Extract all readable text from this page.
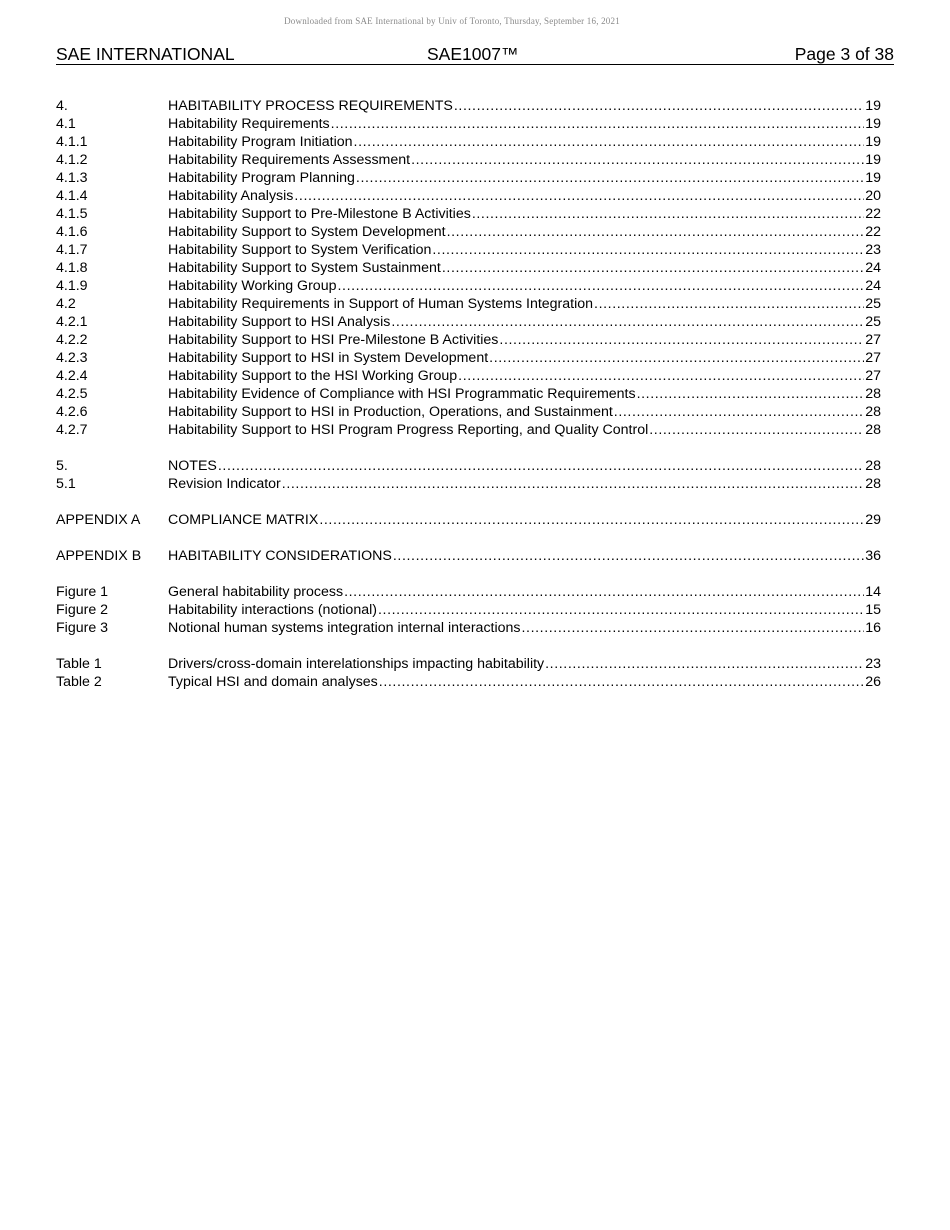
Downloaded from SAE International by Univ of Toronto, Thursday, September 16, 2021
SAE INTERNATIONAL	SAE1007™	Page 3 of 38
4.	HABITABILITY PROCESS REQUIREMENTS .....	19
4.1	Habitability Requirements .....	19
4.1.1	Habitability Program Initiation .....	19
4.1.2	Habitability Requirements Assessment .....	19
4.1.3	Habitability Program Planning .....	19
4.1.4	Habitability Analysis .....	20
4.1.5	Habitability Support to Pre-Milestone B Activities .....	22
4.1.6	Habitability Support to System Development .....	22
4.1.7	Habitability Support to System Verification .....	23
4.1.8	Habitability Support to System Sustainment .....	24
4.1.9	Habitability Working Group .....	24
4.2	Habitability Requirements in Support of Human Systems Integration .....	25
4.2.1	Habitability Support to HSI Analysis .....	25
4.2.2	Habitability Support to HSI Pre-Milestone B Activities .....	27
4.2.3	Habitability Support to HSI in System Development .....	27
4.2.4	Habitability Support to the HSI Working Group .....	27
4.2.5	Habitability Evidence of Compliance with HSI Programmatic Requirements .....	28
4.2.6	Habitability Support to HSI in Production, Operations, and Sustainment .....	28
4.2.7	Habitability Support to HSI Program Progress Reporting, and Quality Control .....	28
5.	NOTES .....	28
5.1	Revision Indicator .....	28
APPENDIX A	COMPLIANCE MATRIX .....	29
APPENDIX B	HABITABILITY CONSIDERATIONS .....	36
Figure 1	General habitability process .....	14
Figure 2	Habitability interactions (notional) .....	15
Figure 3	Notional human systems integration internal interactions .....	16
Table 1	Drivers/cross-domain interelationships impacting habitability .....	23
Table 2	Typical HSI and domain analyses .....	26
